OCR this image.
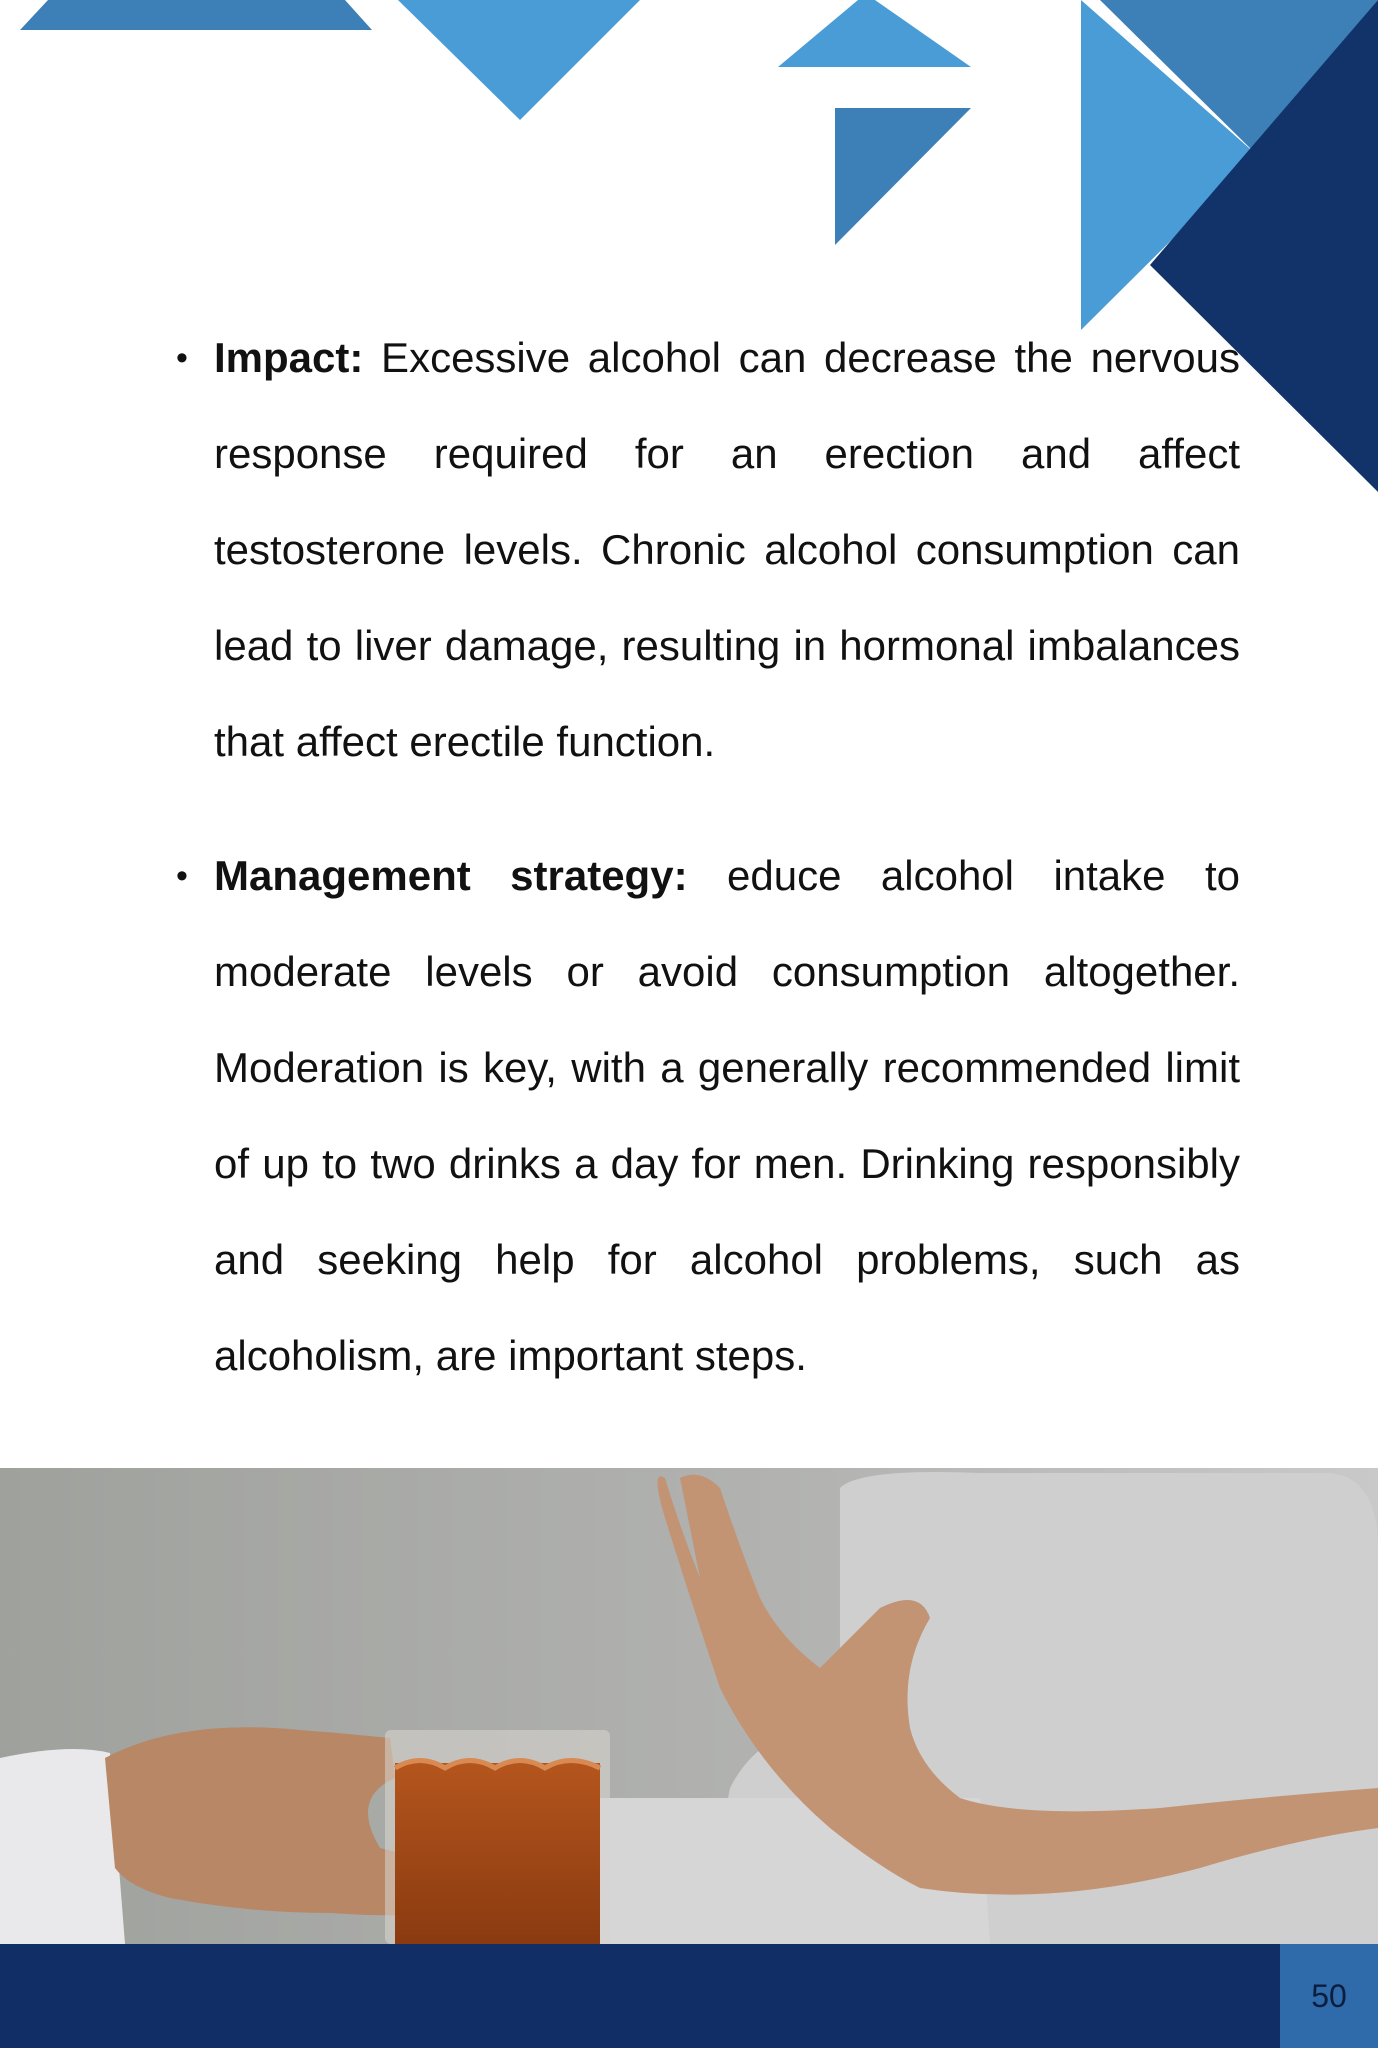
• Impact: Excessive alcohol can decrease the nervous response required for an erection and affect testosterone levels. Chronic alcohol consumption can lead to liver damage, resulting in hormonal imbalances that affect erectile function.

• Management strategy: educe alcohol intake to moderate levels or avoid consumption altogether. Moderation is key, with a generally recommended limit of up to two drinks a day for men. Drinking responsibly and seeking help for alcohol problems, such as alcoholism, are important steps.

50
